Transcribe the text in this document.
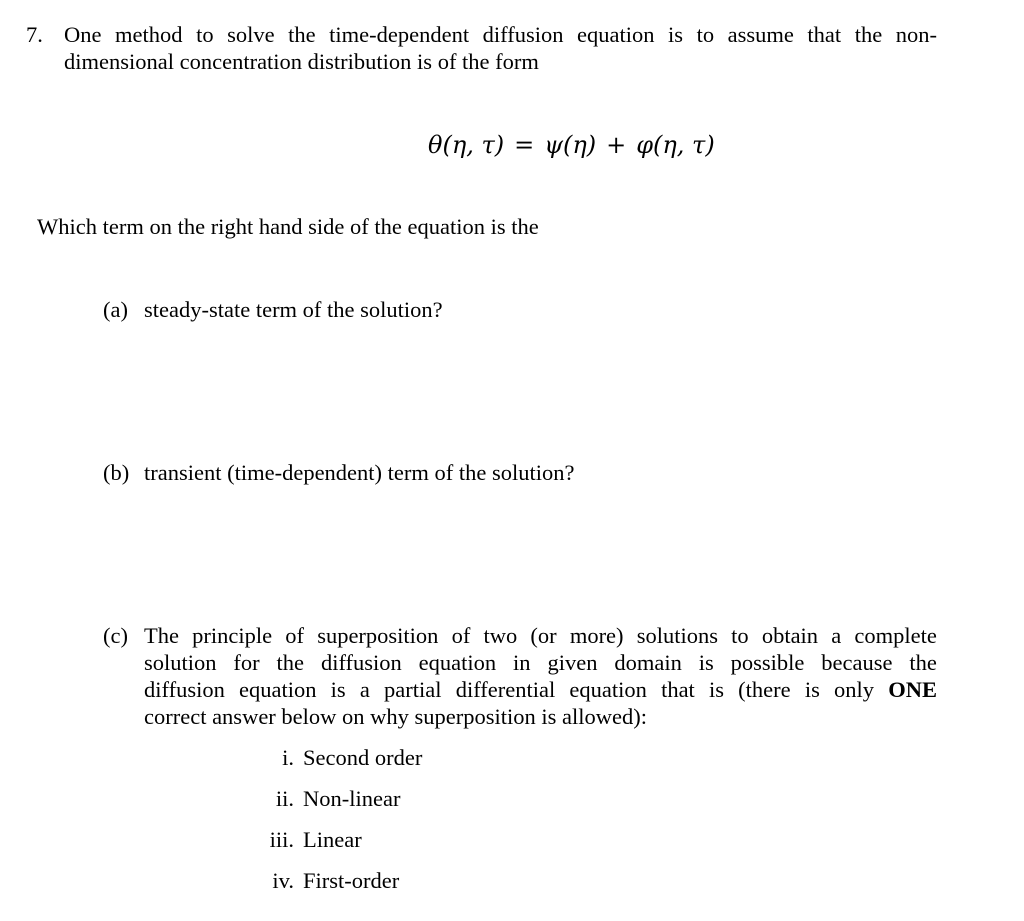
7. One method to solve the time-dependent diffusion equation is to assume that the non-
dimensional concentration distribution is of the form
θ(η, τ) = ψ(η) + φ(η, τ)
Which term on the right hand side of the equation is the
(a) steady-state term of the solution?
(b) transient (time-dependent) term of the solution?
(c) The principle of superposition of two (or more) solutions to obtain a complete
solution for the diffusion equation in given domain is possible because the
diffusion equation is a partial differential equation that is (there is only ONE
correct answer below on why superposition is allowed):
i. Second order
ii. Non-linear
iii. Linear
iv. First-order
